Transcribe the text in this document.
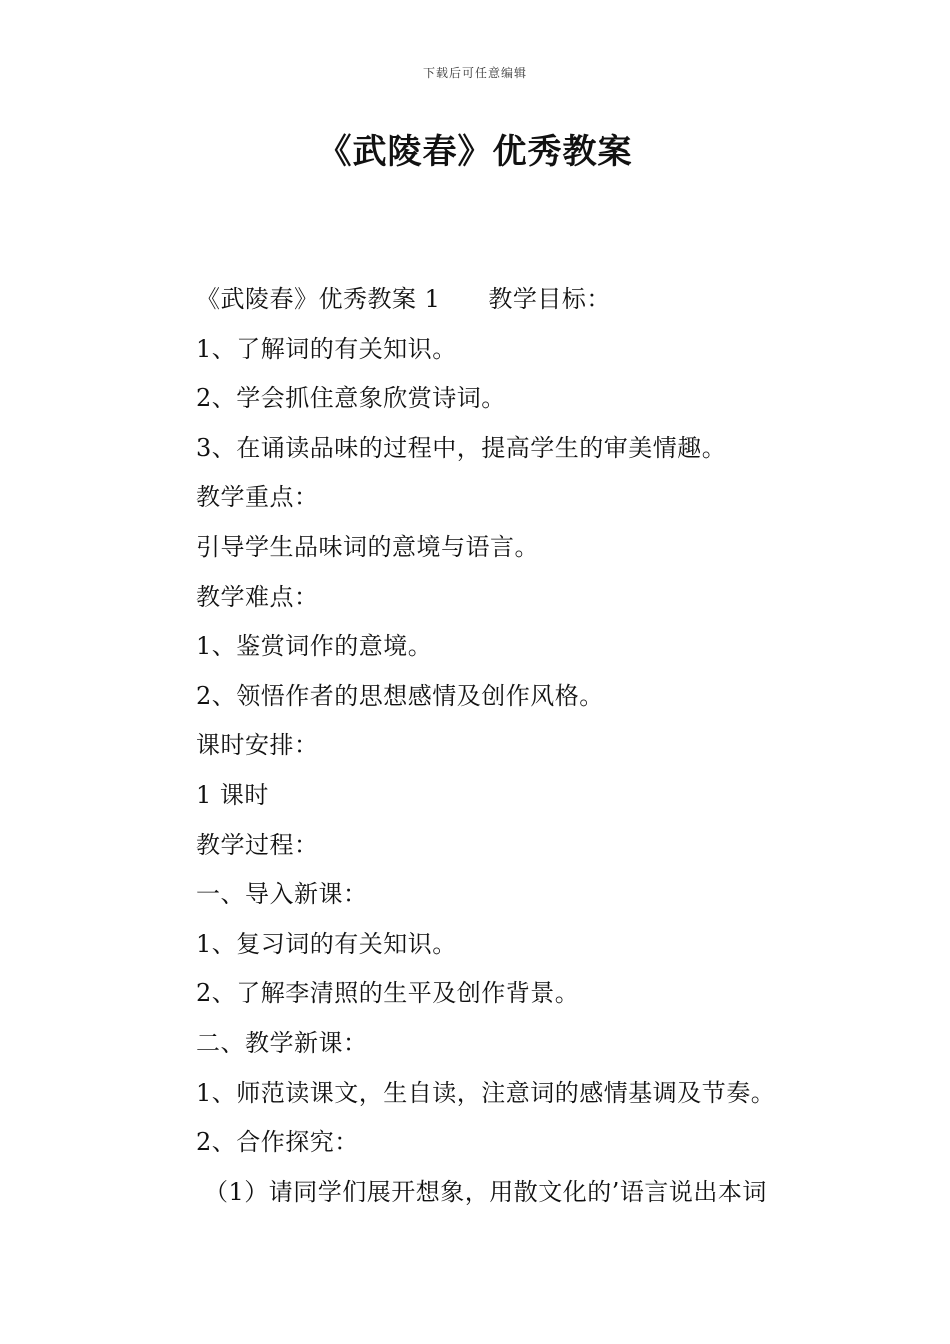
下载后可任意编辑
《武陵春》优秀教案
《武陵春》优秀教案 1 教学目标：
1、了解词的有关知识。
2、学会抓住意象欣赏诗词。
3、在诵读品味的过程中，提高学生的审美情趣。
教学重点：
引导学生品味词的意境与语言。
教学难点：
1、鉴赏词作的意境。
2、领悟作者的思想感情及创作风格。
课时安排：
1 课时
教学过程：
一、导入新课：
1、复习词的有关知识。
2、了解李清照的生平及创作背景。
二、教学新课：
1、师范读课文，生自读，注意词的感情基调及节奏。
2、合作探究：
（1）请同学们展开想象，用散文化的’语言说出本词
